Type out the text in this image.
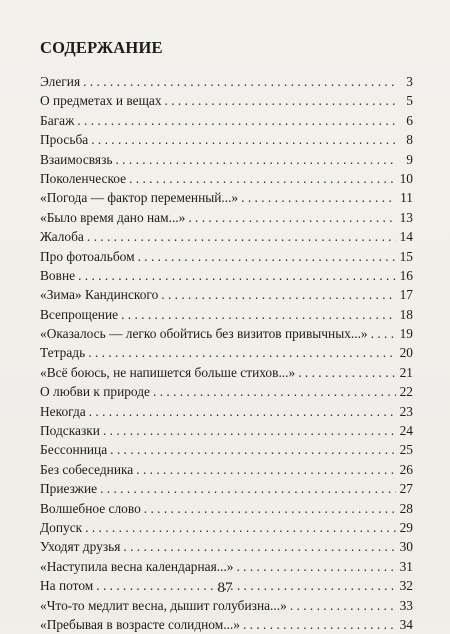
СОДЕРЖАНИЕ
Элегия . . .	3
О предметах и вещах . . .	5
Багаж . . .	6
Просьба . . .	8
Взаимосвязь . . .	9
Поколенческое . . .	10
«Погода — фактор переменный...» . . .	11
«Было время дано нам...» . . .	13
Жалоба . . .	14
Про фотоальбом . . .	15
Вовне . . .	16
«Зима» Кандинского . . .	17
Всепрощение . . .	18
«Оказалось — легко обойтись без визитов привычных...» . . . 19
Тетрадь . . .	20
«Всё боюсь, не напишется больше стихов...» . . .	21
О любви к природе . . .	22
Некогда . . .	23
Подсказки . . .	24
Бессонница . . .	25
Без собеседника . . .	26
Приезжие . . .	27
Волшебное слово . . .	28
Допуск . . .	29
Уходят друзья . . .	30
«Наступила весна календарная...» . . .	31
На потом . . .	32
«Что-то медлит весна, дышит голубизна...» . . .	33
«Пребывая в возрасте солидном...» . . .	34
87
